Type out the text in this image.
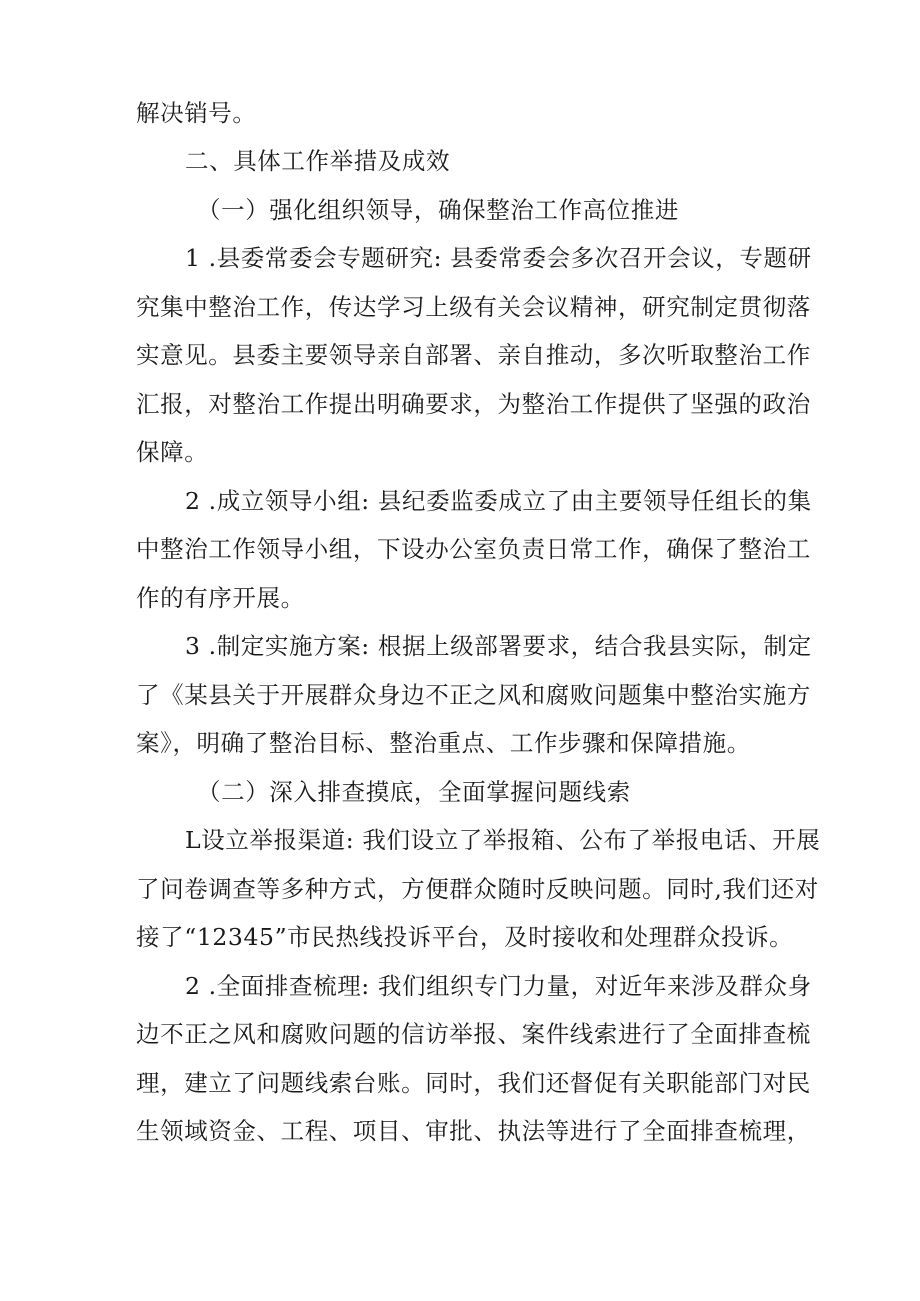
解决销号。
二、具体工作举措及成效
（一）强化组织领导，确保整治工作高位推进
1 .县委常委会专题研究: 县委常委会多次召开会议，专题研
究集中整治工作，传达学习上级有关会议精神，研究制定贯彻落
实意见。县委主要领导亲自部署、亲自推动，多次听取整治工作
汇报，对整治工作提出明确要求，为整治工作提供了坚强的政治
保障。
2 .成立领导小组: 县纪委监委成立了由主要领导任组长的集
中整治工作领导小组，下设办公室负责日常工作，确保了整治工
作的有序开展。
3 .制定实施方案: 根据上级部署要求，结合我县实际，制定
了《某县关于开展群众身边不正之风和腐败问题集中整治实施方
案》，明确了整治目标、整治重点、工作步骤和保障措施。
（二）深入排查摸底，全面掌握问题线索
L设立举报渠道: 我们设立了举报箱、公布了举报电话、开展
了问卷调查等多种方式，方便群众随时反映问题。同时,我们还对
接了“12345”市民热线投诉平台，及时接收和处理群众投诉。
2 .全面排查梳理: 我们组织专门力量，对近年来涉及群众身
边不正之风和腐败问题的信访举报、案件线索进行了全面排查梳
理，建立了问题线索台账。同时，我们还督促有关职能部门对民
生领域资金、工程、项目、审批、执法等进行了全面排查梳理，
